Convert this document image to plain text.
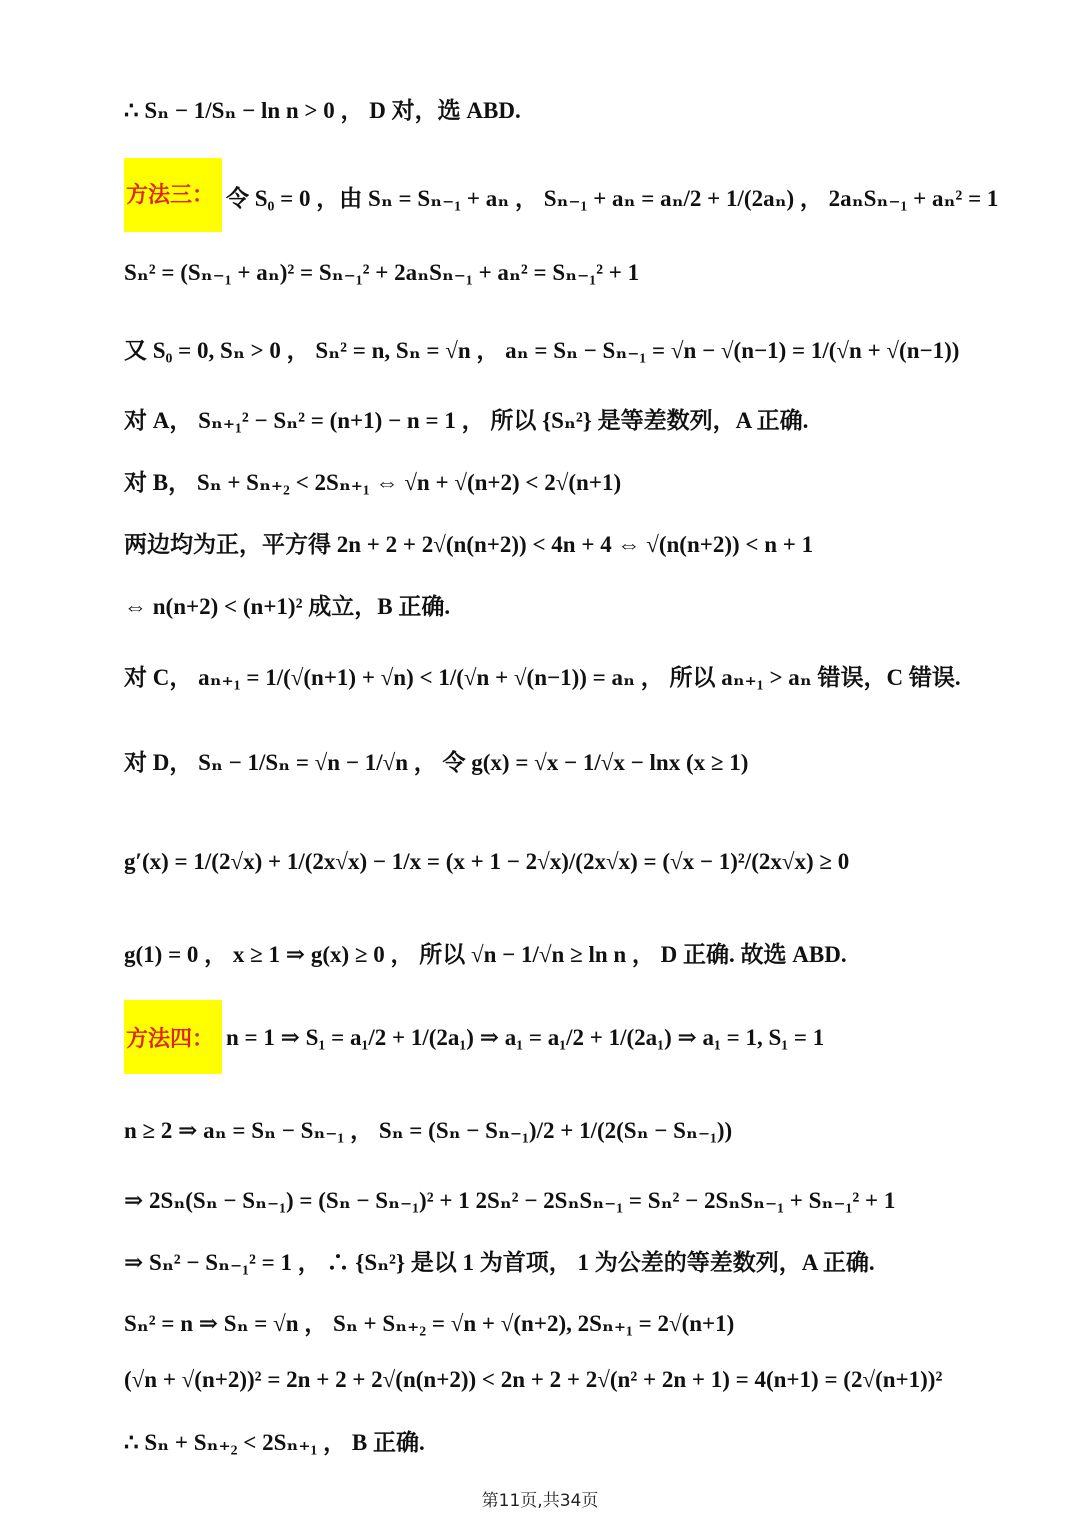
方法三：
方法四：
∴ Sₙ − 1/Sₙ − ln n > 0 ， D 对，选 ABD.
令 S₀ = 0 ，由 Sₙ = Sₙ₋₁ + aₙ ， Sₙ₋₁ + aₙ = aₙ/2 + 1/(2aₙ) ， 2aₙSₙ₋₁ + aₙ² = 1
Sₙ² = (Sₙ₋₁ + aₙ)² = Sₙ₋₁² + 2aₙSₙ₋₁ + aₙ² = Sₙ₋₁² + 1
又 S₀ = 0, Sₙ > 0 ， Sₙ² = n, Sₙ = √n ， aₙ = Sₙ − Sₙ₋₁ = √n − √(n−1) = 1/(√n + √(n−1))
对 A， Sₙ₊₁² − Sₙ² = (n+1) − n = 1 ， 所以 {Sₙ²} 是等差数列，A 正确.
对 B， Sₙ + Sₙ₊₂ < 2Sₙ₊₁ ⇔ √n + √(n+2) < 2√(n+1)
两边均为正，平方得 2n + 2 + 2√(n(n+2)) < 4n + 4 ⇔ √(n(n+2)) < n + 1
⇔ n(n+2) < (n+1)² 成立，B 正确.
对 C， aₙ₊₁ = 1/(√(n+1) + √n) < 1/(√n + √(n−1)) = aₙ ， 所以 aₙ₊₁ > aₙ 错误，C 错误.
对 D， Sₙ − 1/Sₙ = √n − 1/√n ， 令 g(x) = √x − 1/√x − lnx (x ≥ 1)
g′(x) = 1/(2√x) + 1/(2x√x) − 1/x = (x + 1 − 2√x)/(2x√x) = (√x − 1)²/(2x√x) ≥ 0
g(1) = 0 ， x ≥ 1 ⇒ g(x) ≥ 0 ， 所以 √n − 1/√n ≥ ln n ， D 正确. 故选 ABD.
n = 1 ⇒ S₁ = a₁/2 + 1/(2a₁) ⇒ a₁ = a₁/2 + 1/(2a₁) ⇒ a₁ = 1, S₁ = 1
n ≥ 2 ⇒ aₙ = Sₙ − Sₙ₋₁ ， Sₙ = (Sₙ − Sₙ₋₁)/2 + 1/(2(Sₙ − Sₙ₋₁))
⇒ 2Sₙ(Sₙ − Sₙ₋₁) = (Sₙ − Sₙ₋₁)² + 1 2Sₙ² − 2SₙSₙ₋₁ = Sₙ² − 2SₙSₙ₋₁ + Sₙ₋₁² + 1
⇒ Sₙ² − Sₙ₋₁² = 1 ， ∴ {Sₙ²} 是以 1 为首项， 1 为公差的等差数列，A 正确.
Sₙ² = n ⇒ Sₙ = √n ， Sₙ + Sₙ₊₂ = √n + √(n+2), 2Sₙ₊₁ = 2√(n+1)
(√n + √(n+2))² = 2n + 2 + 2√(n(n+2)) < 2n + 2 + 2√(n² + 2n + 1) = 4(n+1) = (2√(n+1))²
∴ Sₙ + Sₙ₊₂ < 2Sₙ₊₁ ， B 正确.
第11页,共34页
